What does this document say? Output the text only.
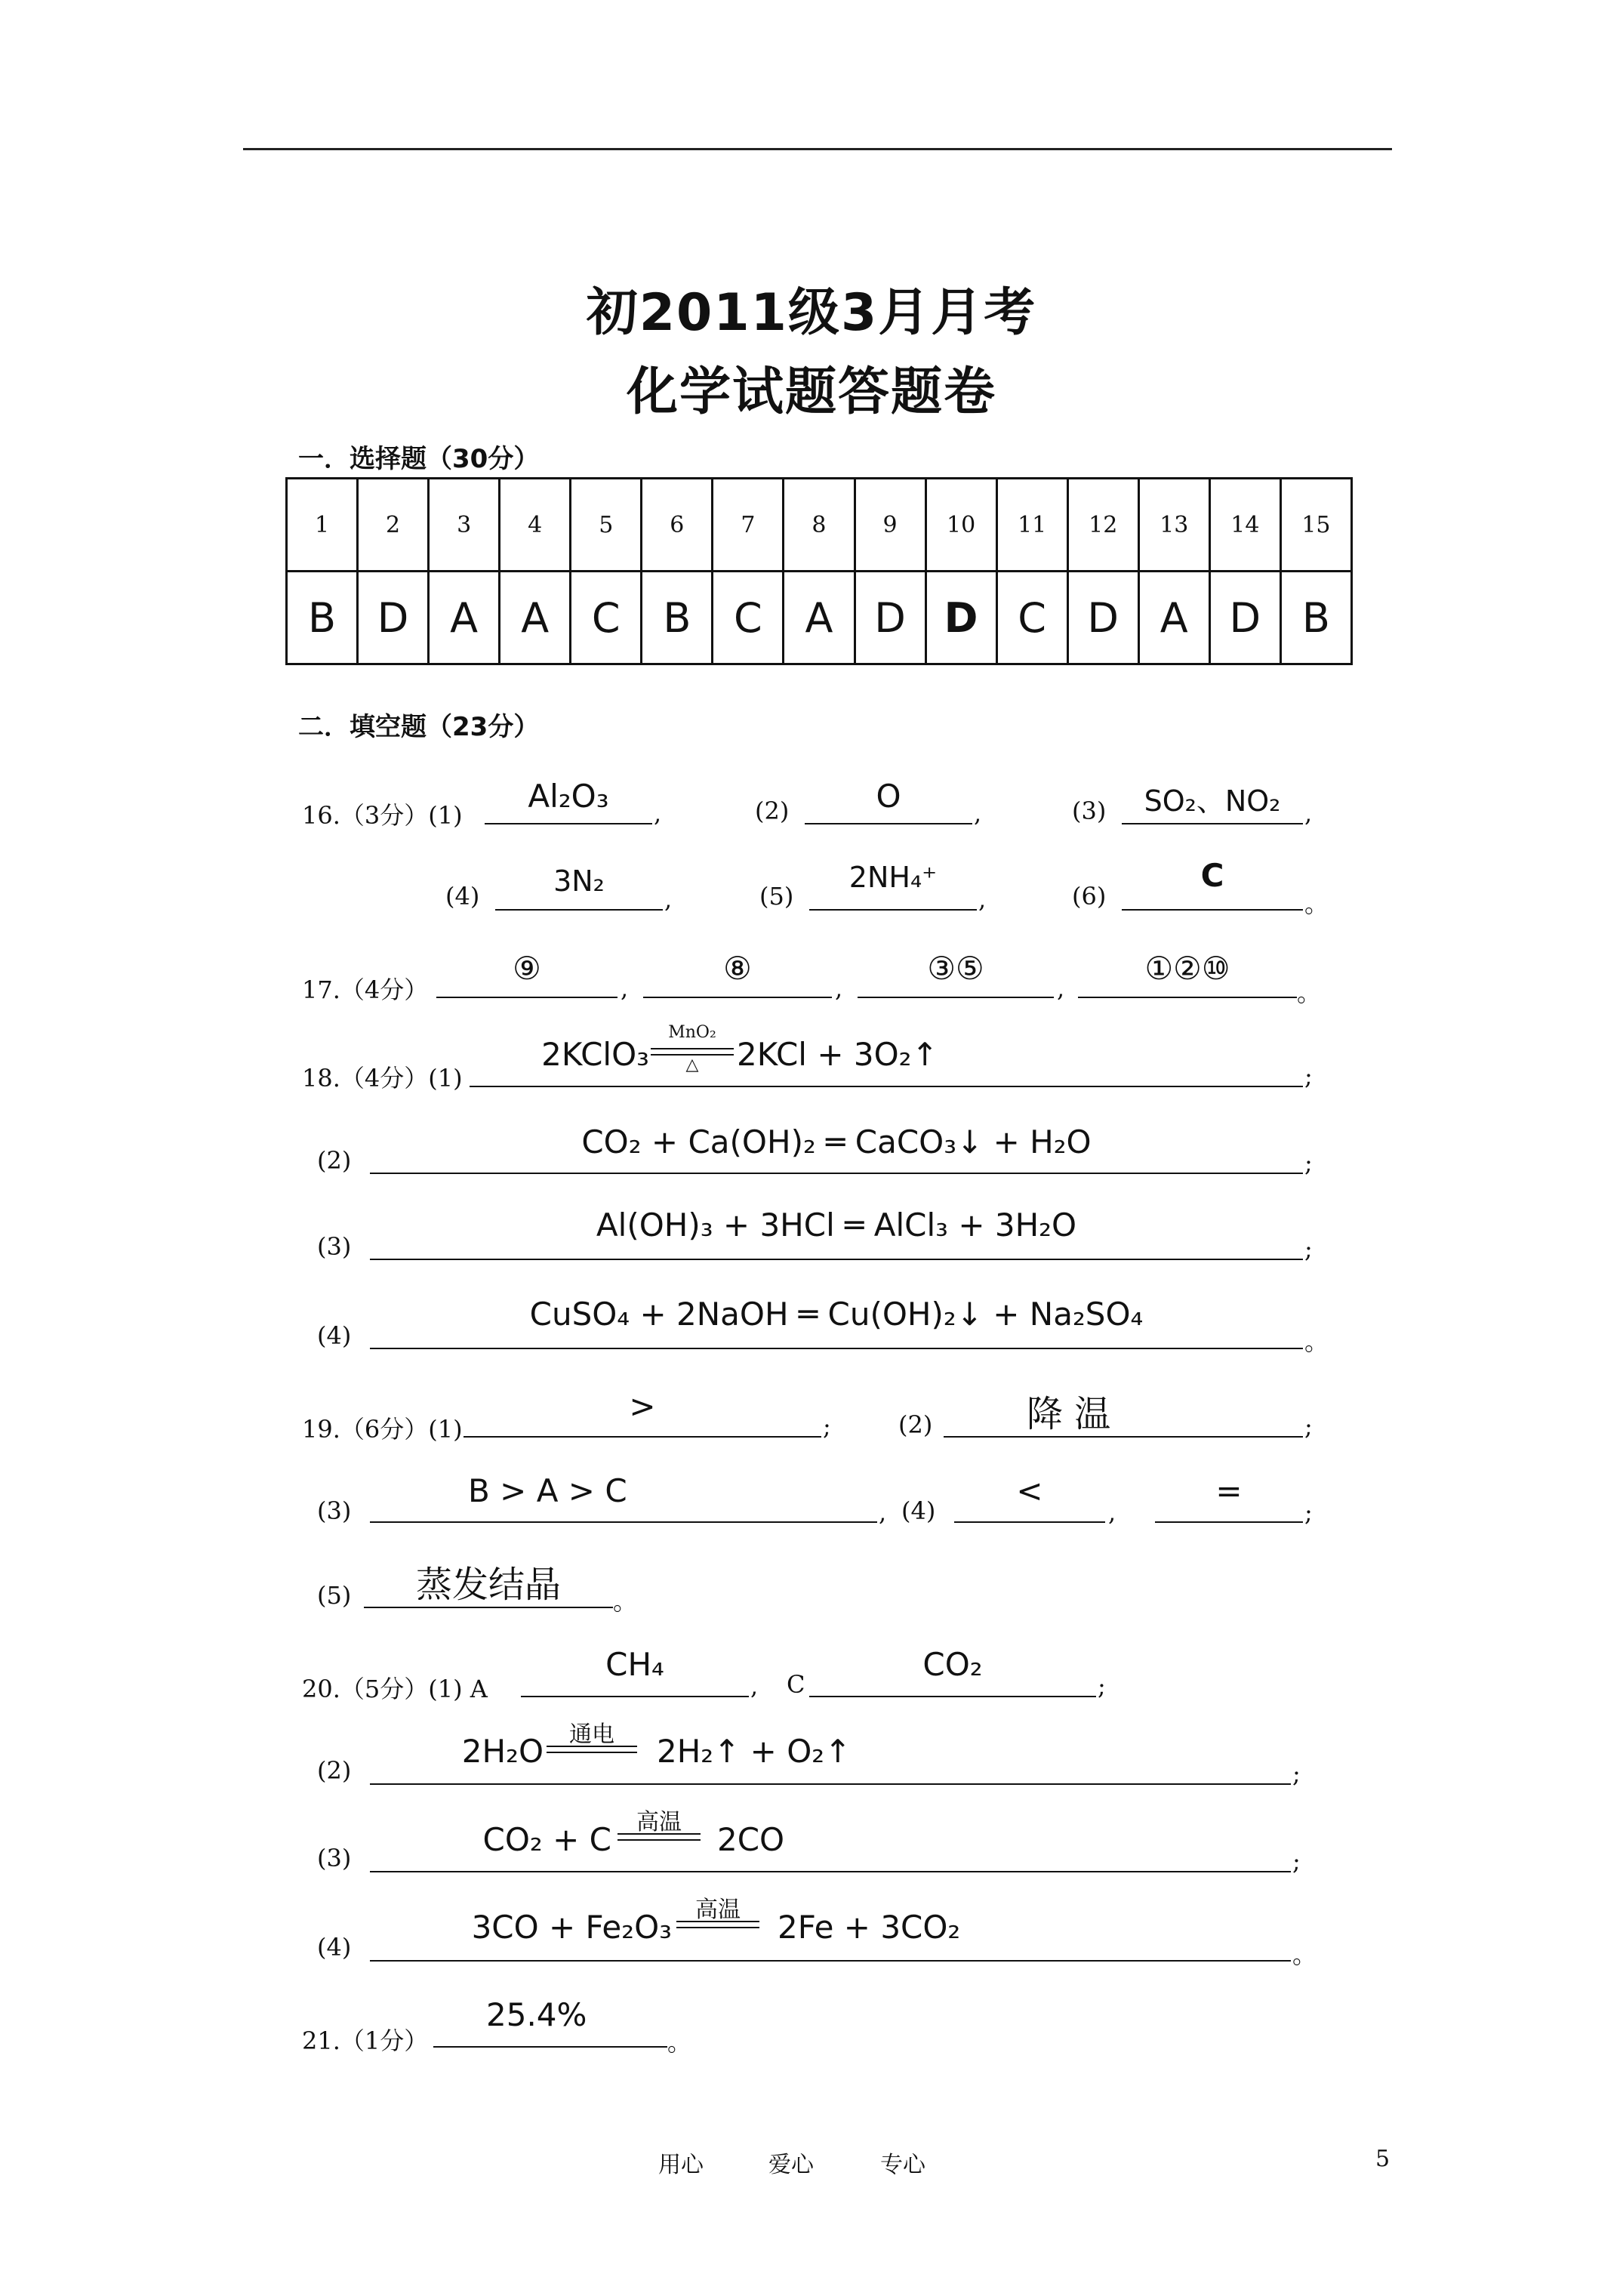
初2011级3月月考
化学试题答题卷
一．选择题（30分）
1	2	3	4	5	6	7	8	9	10	11	12	13	14	15
B	D	A	A	C	B	C	A	D	D	C	D	A	D	B
二．填空题（23分）
16.（3分）(1)
Al₂O₃	,	(2)	O	,	(3)	SO₂、NO₂ ,
(4)	3N₂
,	(5)
2NH₄⁺
,	(6)
C
。
17.（4分）
⑨
,
⑧
,
③⑤
,
①②⑩
。
18.（4分）(1)	;
2KClO₃
MnO₂
△	2KCl + 3O₂↑
(2)	CO₂ + Ca(OH)₂ ═ CaCO₃↓ + H₂O
;
(3)
Al(OH)₃ + 3HCl ═ AlCl₃ + 3H₂O
;
(4)
CuSO₄ + 2NaOH ═ Cu(OH)₂↓ + Na₂SO₄
。
19.（6分）(1)
>
;	(2)	降 温	;
(3)
B > A > C
, (4)
<
,
=
;
(5)	蒸发结晶	。
20.（5分）(1) A
CH₄
, C
CO₂
;
(2)	;
2H₂O	通电	2H₂↑ + O₂↑
(3)	;
CO₂ + C	高温	2CO
(4)	。
3CO + Fe₂O₃	高温	2Fe + 3CO₂
21.（1分）
25.4%
。
用心	爱心	专心	5
